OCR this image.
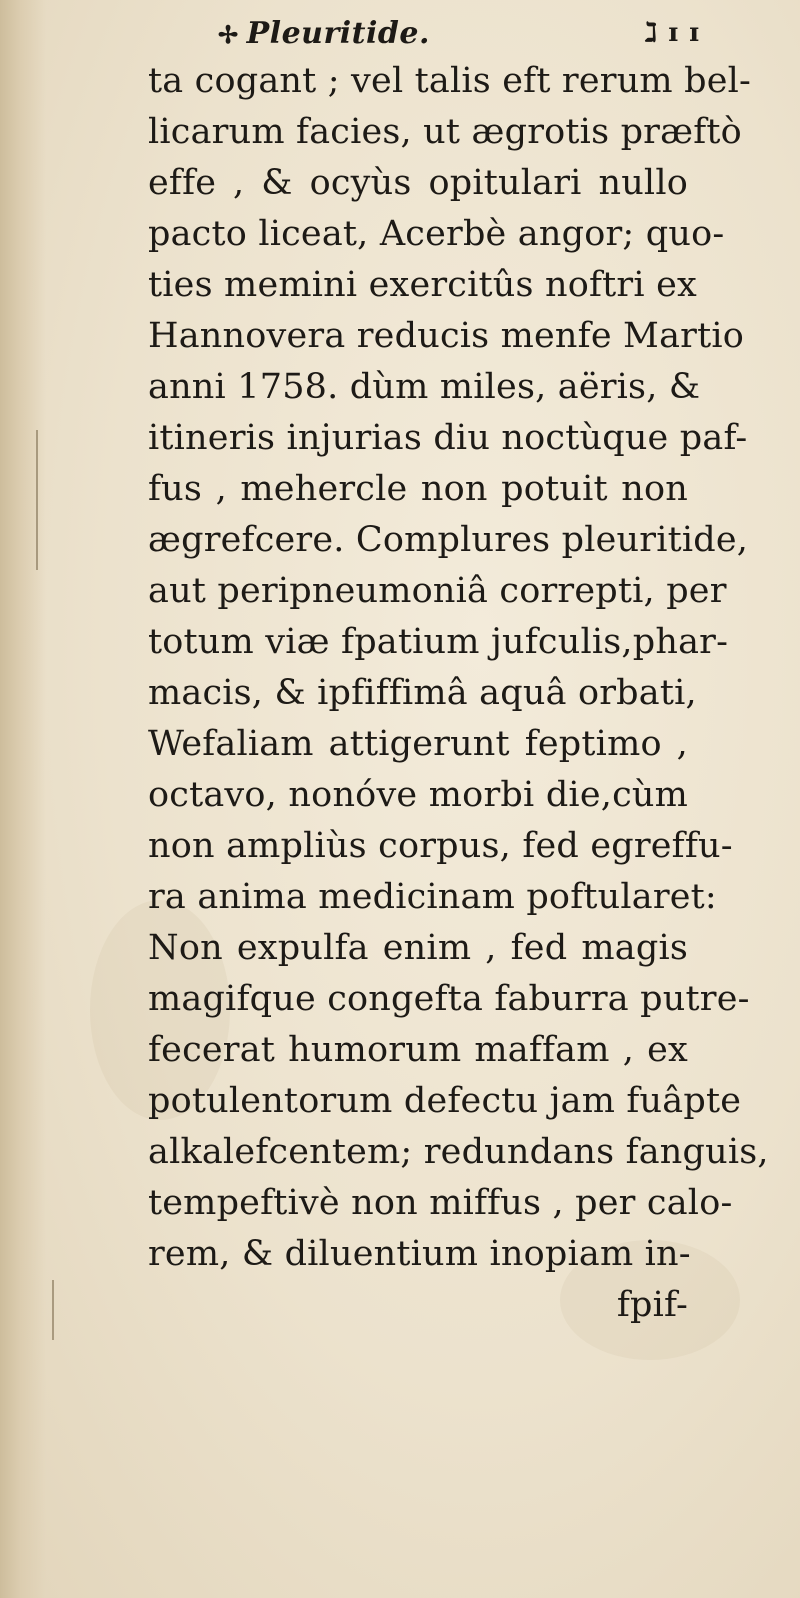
✢ Pleuritide.	ℷ ɪ ɪ
ta cogant ; vel talis eft rerum bel-
licarum facies, ut ægrotis præftò
effe , & ocyùs opitulari nullo
pacto liceat, Acerbè angor; quo-
ties memini exercitûs noftri ex
Hannovera reducis menfe Martio
anni 1758. dùm miles, aëris, &
itineris injurias diu noctùque paf-
fus , mehercle non potuit non
ægrefcere. Complures pleuritide,
aut peripneumoniâ correpti, per
totum viæ fpatium jufculis,phar-
macis, & ipfiffimâ aquâ orbati,
Wefaliam attigerunt feptimo ,
octavo, nonóve morbi die,cùm
non ampliùs corpus, fed egreffu-
ra anima medicinam poftularet:
Non expulfa enim , fed magis
magifque congefta faburra putre-
fecerat humorum maffam , ex
potulentorum defectu jam fuâpte
alkalefcentem; redundans fanguis,
tempeftivè non miffus , per calo-
rem, & diluentium inopiam in-
fpif-
